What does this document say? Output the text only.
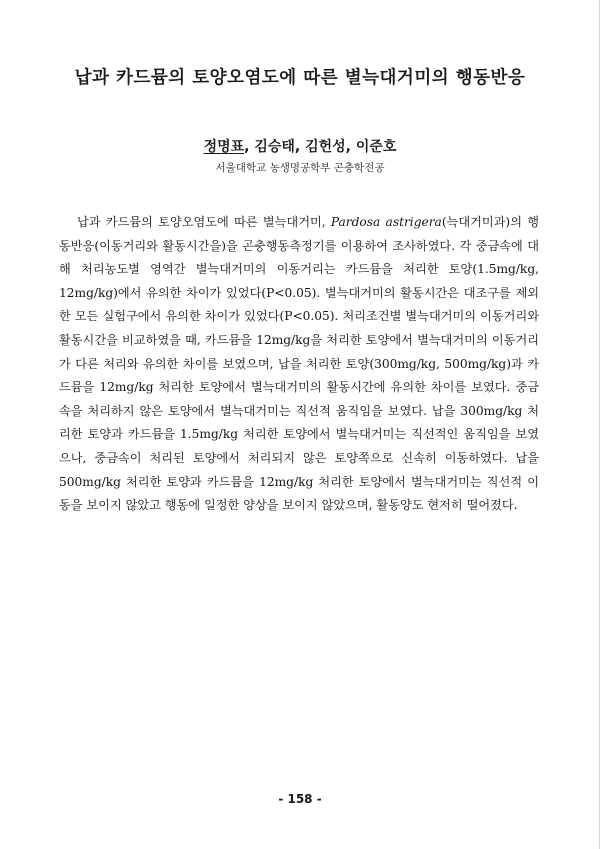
납과 카드뮴의 토양오염도에 따른 별늑대거미의 행동반응
정명표, 김승태, 김헌성, 이준호
서울대학교 농생명공학부 곤충학전공

납과 카드뮴의 토양오염도에 따른 별늑대거미, Pardosa astrigera(늑대거미과)의 행동반응(이동거리와 활동시간을)을 곤충행동측정기를 이용하여 조사하였다. 각 중금속에 대해 처리농도별 영역간 별늑대거미의 이동거리는 카드뮴을 처리한 토양(1.5mg/kg, 12mg/kg)에서 유의한 차이가 있었다(P<0.05). 별늑대거미의 활동시간은 대조구를 제외한 모든 실험구에서 유의한 차이가 있었다(P<0.05). 처리조건별 별늑대거미의 이동거리와 활동시간을 비교하였을 때, 카드뮴을 12mg/kg을 처리한 토양에서 별늑대거미의 이동거리가 다른 처리와 유의한 차이를 보였으며, 납을 처리한 토양(300mg/kg, 500mg/kg)과 카드뮴을 12mg/kg 처리한 토양에서 별늑대거미의 활동시간에 유의한 차이를 보였다. 중금속을 처리하지 않은 토양에서 별늑대거미는 직선적 움직임을 보였다. 납을 300mg/kg 처리한 토양과 카드뮴을 1.5mg/kg 처리한 토양에서 별늑대거미는 직선적인 움직임을 보였으나, 중금속이 처리된 토양에서 처리되지 않은 토양쪽으로 신속히 이동하였다. 납을 500mg/kg 처리한 토양과 카드뮴을 12mg/kg 처리한 토양에서 별늑대거미는 직선적 이동을 보이지 않았고 행동에 일정한 양상을 보이지 않았으며, 활동양도 현저히 떨어졌다.

- 158 -
